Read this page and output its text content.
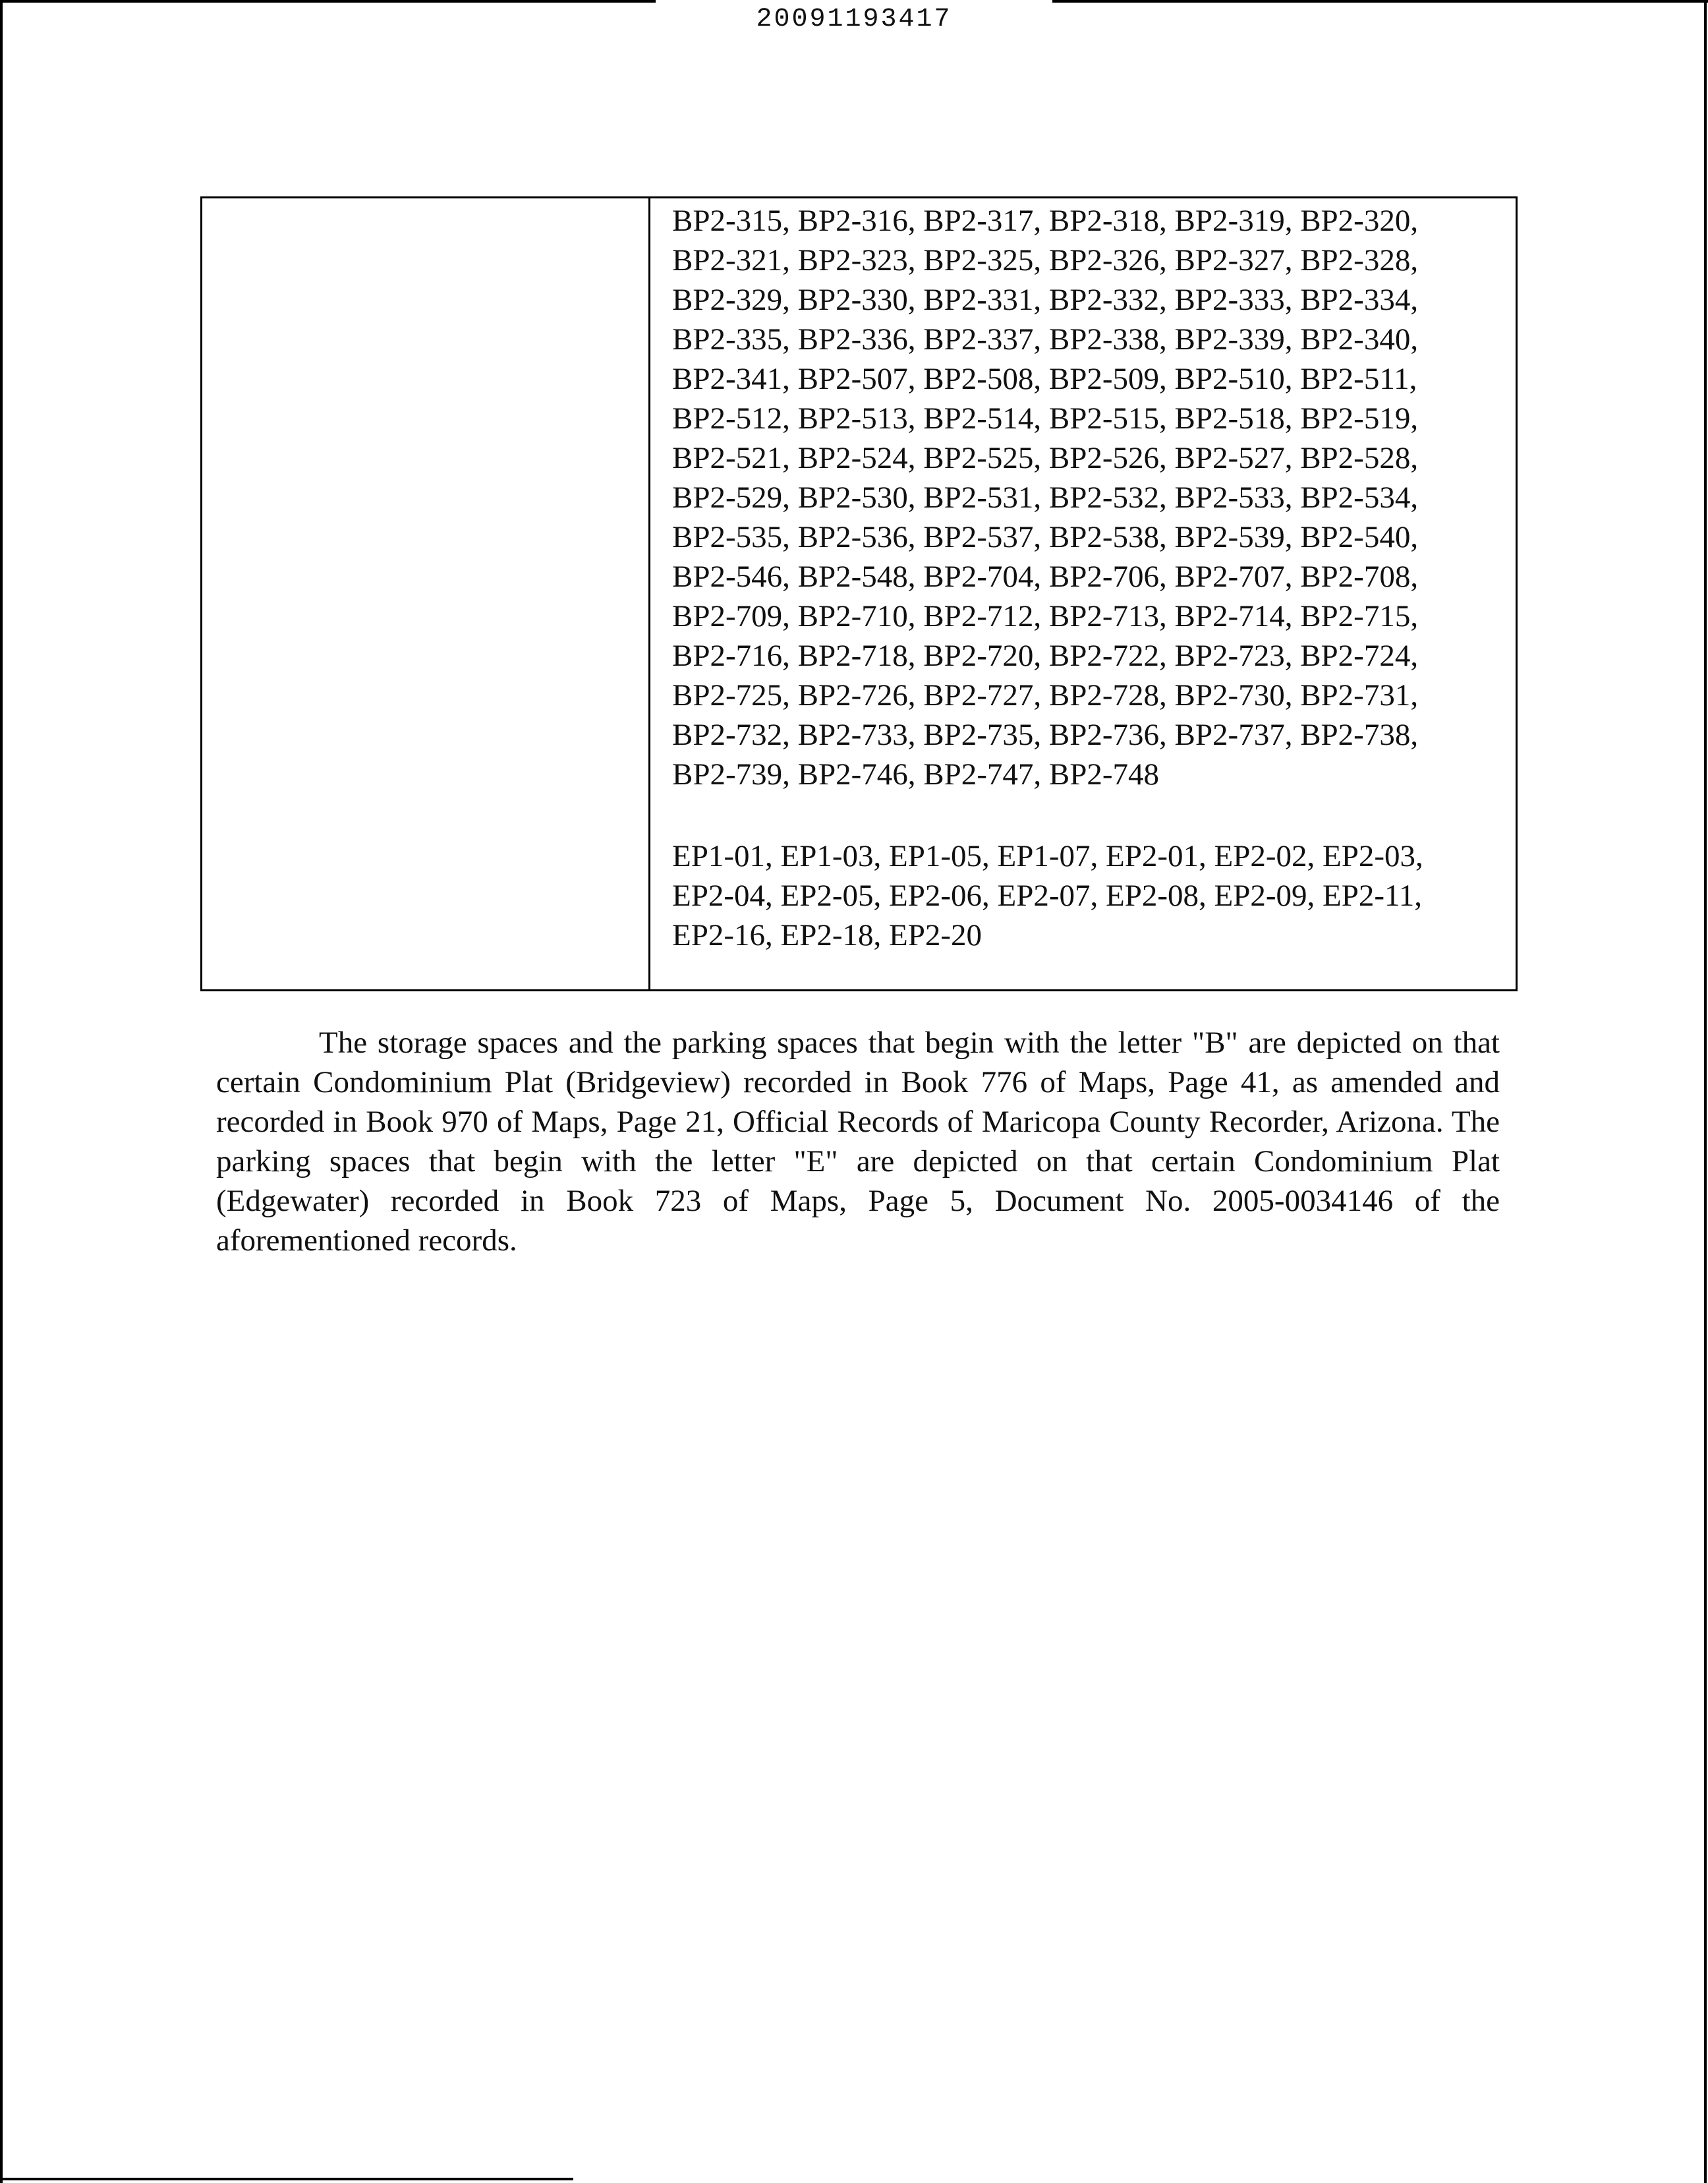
20091193417

BP2-315, BP2-316, BP2-317, BP2-318, BP2-319, BP2-320,
BP2-321, BP2-323, BP2-325, BP2-326, BP2-327, BP2-328,
BP2-329, BP2-330, BP2-331, BP2-332, BP2-333, BP2-334,
BP2-335, BP2-336, BP2-337, BP2-338, BP2-339, BP2-340,
BP2-341, BP2-507, BP2-508, BP2-509, BP2-510, BP2-511,
BP2-512, BP2-513, BP2-514, BP2-515, BP2-518, BP2-519,
BP2-521, BP2-524, BP2-525, BP2-526, BP2-527, BP2-528,
BP2-529, BP2-530, BP2-531, BP2-532, BP2-533, BP2-534,
BP2-535, BP2-536, BP2-537, BP2-538, BP2-539, BP2-540,
BP2-546, BP2-548, BP2-704, BP2-706, BP2-707, BP2-708,
BP2-709, BP2-710, BP2-712, BP2-713, BP2-714, BP2-715,
BP2-716, BP2-718, BP2-720, BP2-722, BP2-723, BP2-724,
BP2-725, BP2-726, BP2-727, BP2-728, BP2-730, BP2-731,
BP2-732, BP2-733, BP2-735, BP2-736, BP2-737, BP2-738,
BP2-739, BP2-746, BP2-747, BP2-748

EP1-01, EP1-03, EP1-05, EP1-07, EP2-01, EP2-02, EP2-03,
EP2-04, EP2-05, EP2-06, EP2-07, EP2-08, EP2-09, EP2-11,
EP2-16, EP2-18, EP2-20

The storage spaces and the parking spaces that begin with the letter "B" are depicted on that certain Condominium Plat (Bridgeview) recorded in Book 776 of Maps, Page 41, as amended and recorded in Book 970 of Maps, Page 21, Official Records of Maricopa County Recorder, Arizona. The parking spaces that begin with the letter "E" are depicted on that certain Condominium Plat (Edgewater) recorded in Book 723 of Maps, Page 5, Document No. 2005-0034146 of the aforementioned records.
